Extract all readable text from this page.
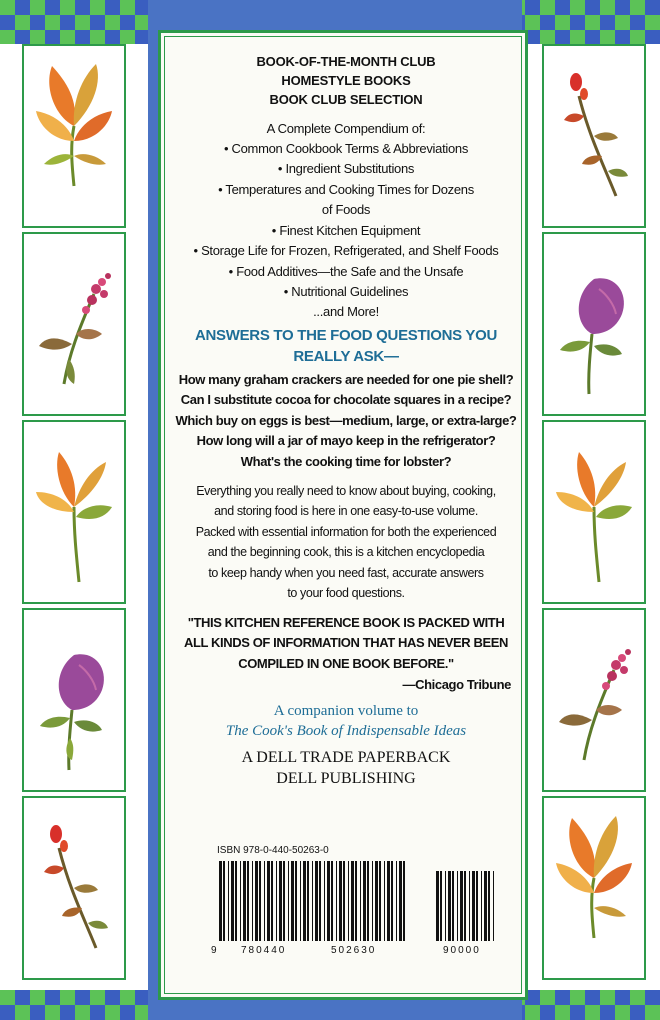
BOOK-OF-THE-MONTH CLUB
HOMESTYLE BOOKS
BOOK CLUB SELECTION
A Complete Compendium of:
• Common Cookbook Terms & Abbreviations
• Ingredient Substitutions
• Temperatures and Cooking Times for Dozens
of Foods
• Finest Kitchen Equipment
• Storage Life for Frozen, Refrigerated, and Shelf Foods
• Food Additives—the Safe and the Unsafe
• Nutritional Guidelines
...and More!
ANSWERS TO THE FOOD QUESTIONS YOU
REALLY ASK—
How many graham crackers are needed for one pie shell?
Can I substitute cocoa for chocolate squares in a recipe?
Which buy on eggs is best—medium, large, or extra-large?
How long will a jar of mayo keep in the refrigerator?
What's the cooking time for lobster?
Everything you really need to know about buying, cooking,
and storing food is here in one easy-to-use volume.
Packed with essential information for both the experienced
and the beginning cook, this is a kitchen encyclopedia
to keep handy when you need fast, accurate answers
to your food questions.
"THIS KITCHEN REFERENCE BOOK IS PACKED WITH
ALL KINDS OF INFORMATION THAT HAS NEVER BEEN
COMPILED IN ONE BOOK BEFORE."
—Chicago Tribune
A companion volume to
The Cook's Book of Indispensable Ideas
A DELL TRADE PAPERBACK
DELL PUBLISHING
ISBN 978-0-440-50263-0
9 780440	502630	90000
